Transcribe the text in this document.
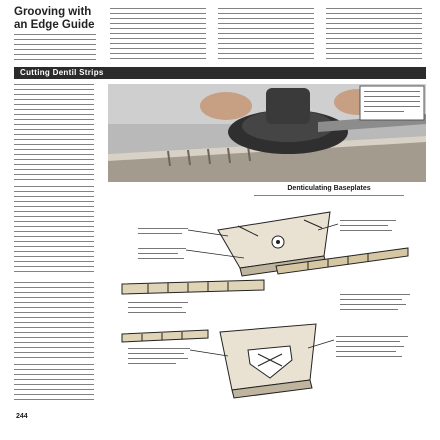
Grooving with
an Edge Guide
Cutting Dentil Strips
Denticulating Baseplates
244
